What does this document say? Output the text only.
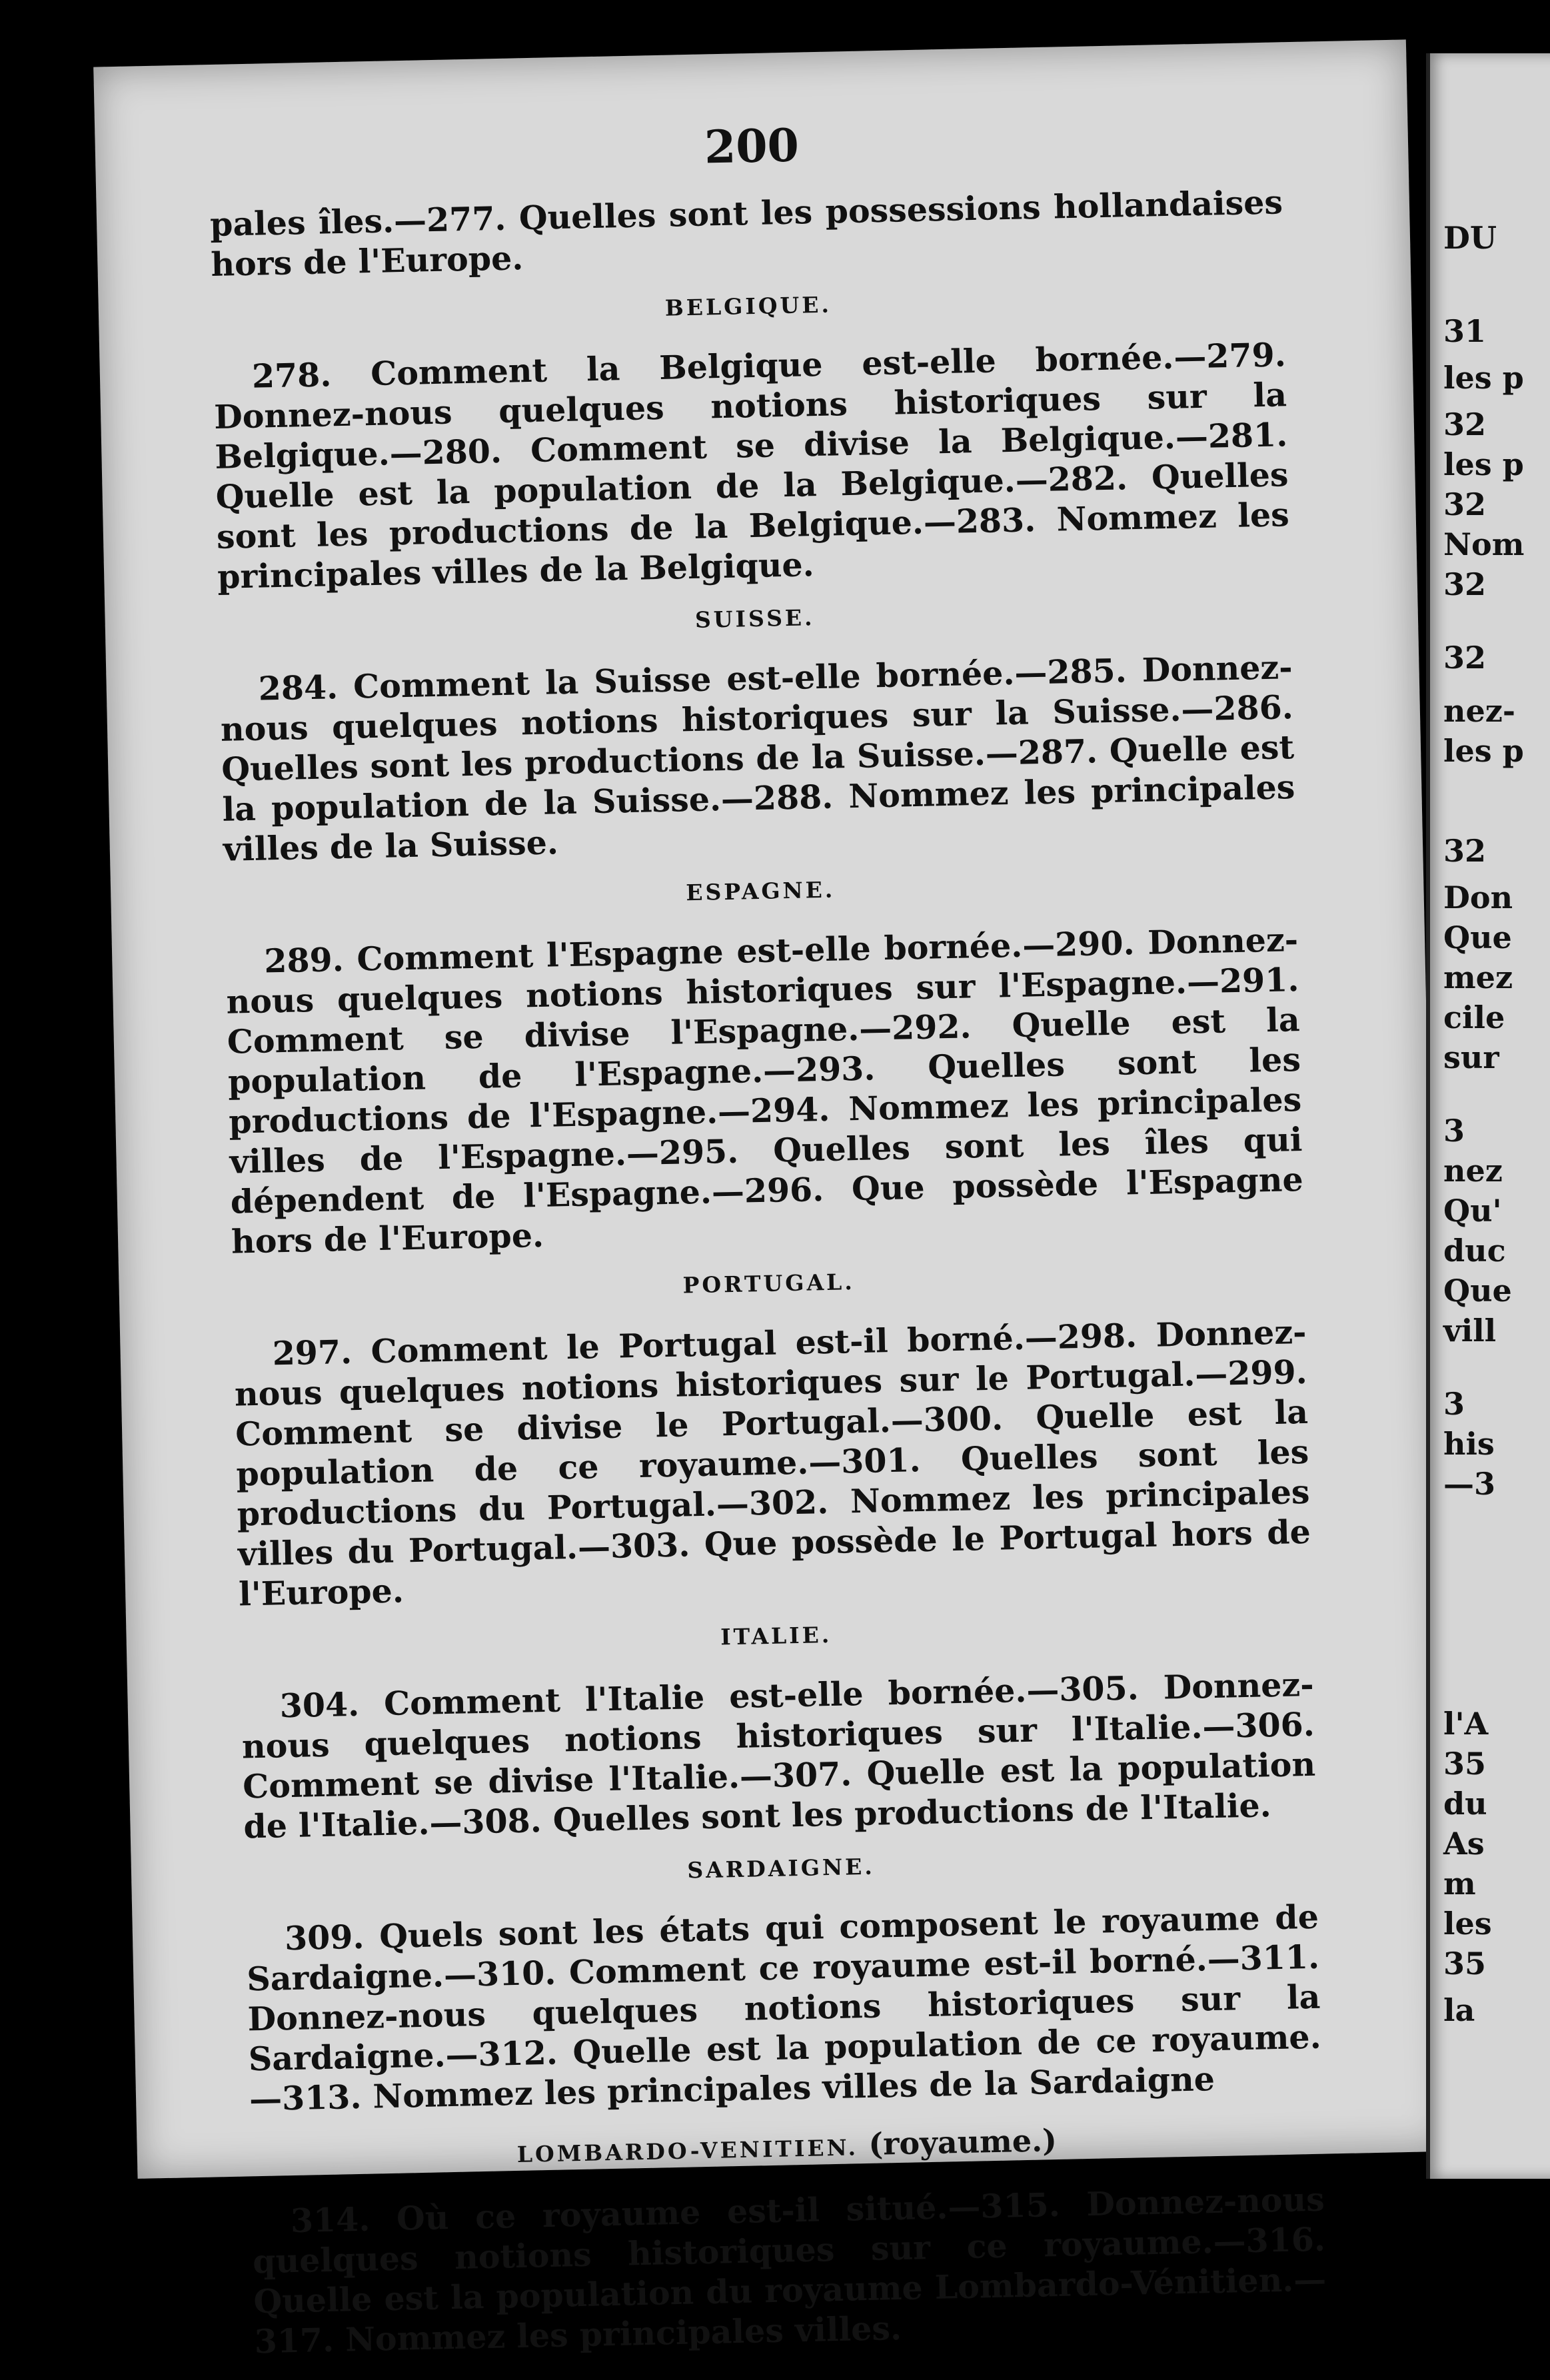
200

pales îles.—277. Quelles sont les possessions hollandaises hors de l'Europe.

BELGIQUE.

278. Comment la Belgique est-elle bornée.—279. Donnez-nous quelques notions historiques sur la Belgique.—280. Comment se divise la Belgique.—281. Quelle est la population de la Belgique.—282. Quelles sont les productions de la Belgique.—283. Nommez les principales villes de la Belgique.

SUISSE.

284. Comment la Suisse est-elle bornée.—285. Donnez-nous quelques notions historiques sur la Suisse.—286. Quelles sont les productions de la Suisse.—287. Quelle est la population de la Suisse.—288. Nommez les principales villes de la Suisse.

ESPAGNE.

289. Comment l'Espagne est-elle bornée.—290. Donnez-nous quelques notions historiques sur l'Espagne.—291. Comment se divise l'Espagne.—292. Quelle est la population de l'Espagne.—293. Quelles sont les productions de l'Espagne.—294. Nommez les principales villes de l'Espagne.—295. Quelles sont les îles qui dépendent de l'Espagne.—296. Que possède l'Espagne hors de l'Europe.

PORTUGAL.

297. Comment le Portugal est-il borné.—298. Donnez-nous quelques notions historiques sur le Portugal.—299. Comment se divise le Portugal.—300. Quelle est la population de ce royaume.—301. Quelles sont les productions du Portugal.—302. Nommez les principales villes du Portugal.—303. Que possède le Portugal hors de l'Europe.

ITALIE.

304. Comment l'Italie est-elle bornée.—305. Donnez-nous quelques notions historiques sur l'Italie.—306. Comment se divise l'Italie.—307. Quelle est la population de l'Italie.—308. Quelles sont les productions de l'Italie.

SARDAIGNE.

309. Quels sont les états qui composent le royaume de Sardaigne.—310. Comment ce royaume est-il borné.—311. Donnez-nous quelques notions historiques sur la Sardaigne.—312. Quelle est la population de ce royaume.—313. Nommez les principales villes de la Sardaigne

LOMBARDO-VENITIEN. (royaume.)

314. Où ce royaume est-il situé.—315. Donnez-nous quelques notions historiques sur ce royaume.—316. Quelle est la population du royaume Lombardo-Vénitien.—317. Nommez les principales villes.

DU
31
les p
32
les p
32
Nom
32
32
nez-
les p
32
Don
Que
mez
cile
sur
3
nez
Qu'
duc
Que
vill
3
his
—3
l'A
35
du
As
m
les
35
la
